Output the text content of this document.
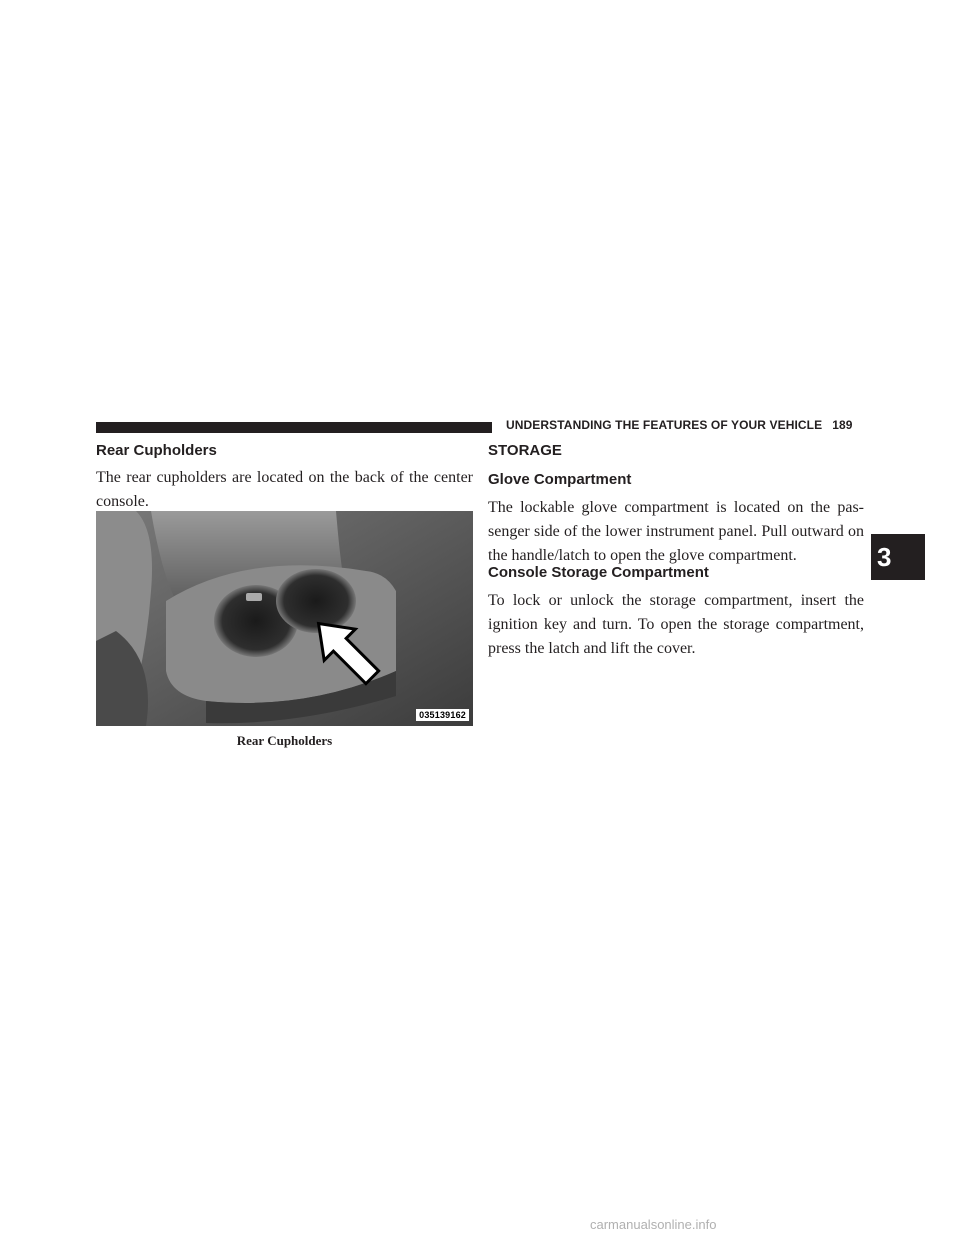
UNDERSTANDING THE FEATURES OF YOUR VEHICLE 189
Rear Cupholders

The rear cupholders are located on the back of the center console.

035139162
Rear Cupholders
STORAGE
Glove Compartment

The lockable glove compartment is located on the pas-senger side of the lower instrument panel. Pull outward on the handle/latch to open the glove compartment.

Console Storage Compartment

To lock or unlock the storage compartment, insert the ignition key and turn. To open the storage compartment, press the latch and lift the cover.

3
carmanualsonline.info
